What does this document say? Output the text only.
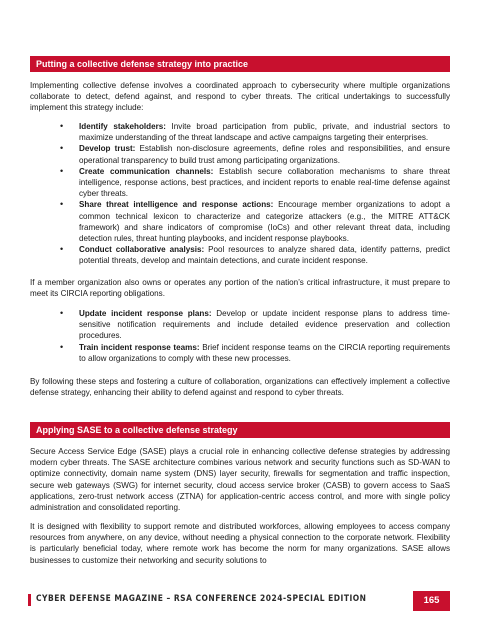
Putting a collective defense strategy into practice

Implementing collective defense involves a coordinated approach to cybersecurity where multiple organizations collaborate to detect, defend against, and respond to cyber threats. The critical undertakings to successfully implement this strategy include:

• Identify stakeholders: Invite broad participation from public, private, and industrial sectors to maximize understanding of the threat landscape and active campaigns targeting their enterprises.
• Develop trust: Establish non-disclosure agreements, define roles and responsibilities, and ensure operational transparency to build trust among participating organizations.
• Create communication channels: Establish secure collaboration mechanisms to share threat intelligence, response actions, best practices, and incident reports to enable real-time defense against cyber threats.
• Share threat intelligence and response actions: Encourage member organizations to adopt a common technical lexicon to characterize and categorize attackers (e.g., the MITRE ATT&CK framework) and share indicators of compromise (IoCs) and other relevant threat data, including detection rules, threat hunting playbooks, and incident response playbooks.
• Conduct collaborative analysis: Pool resources to analyze shared data, identify patterns, predict potential threats, develop and maintain detections, and curate incident response.

If a member organization also owns or operates any portion of the nation’s critical infrastructure, it must prepare to meet its CIRCIA reporting obligations.

• Update incident response plans: Develop or update incident response plans to address time-sensitive notification requirements and include detailed evidence preservation and collection procedures.
• Train incident response teams: Brief incident response teams on the CIRCIA reporting requirements to allow organizations to comply with these new processes.

By following these steps and fostering a culture of collaboration, organizations can effectively implement a collective defense strategy, enhancing their ability to defend against and respond to cyber threats.

Applying SASE to a collective defense strategy

Secure Access Service Edge (SASE) plays a crucial role in enhancing collective defense strategies by addressing modern cyber threats. The SASE architecture combines various network and security functions such as SD-WAN to optimize connectivity, domain name system (DNS) layer security, firewalls for segmentation and traffic inspection, secure web gateways (SWG) for internet security, cloud access service broker (CASB) to govern access to SaaS applications, zero-trust network access (ZTNA) for application-centric access control, and more with single policy administration and consolidated reporting.

It is designed with flexibility to support remote and distributed workforces, allowing employees to access company resources from anywhere, on any device, without needing a physical connection to the corporate network. Flexibility is particularly beneficial today, where remote work has become the norm for many organizations. SASE allows businesses to customize their networking and security solutions to

CYBER DEFENSE MAGAZINE – RSA CONFERENCE 2024-SPECIAL EDITION	165
